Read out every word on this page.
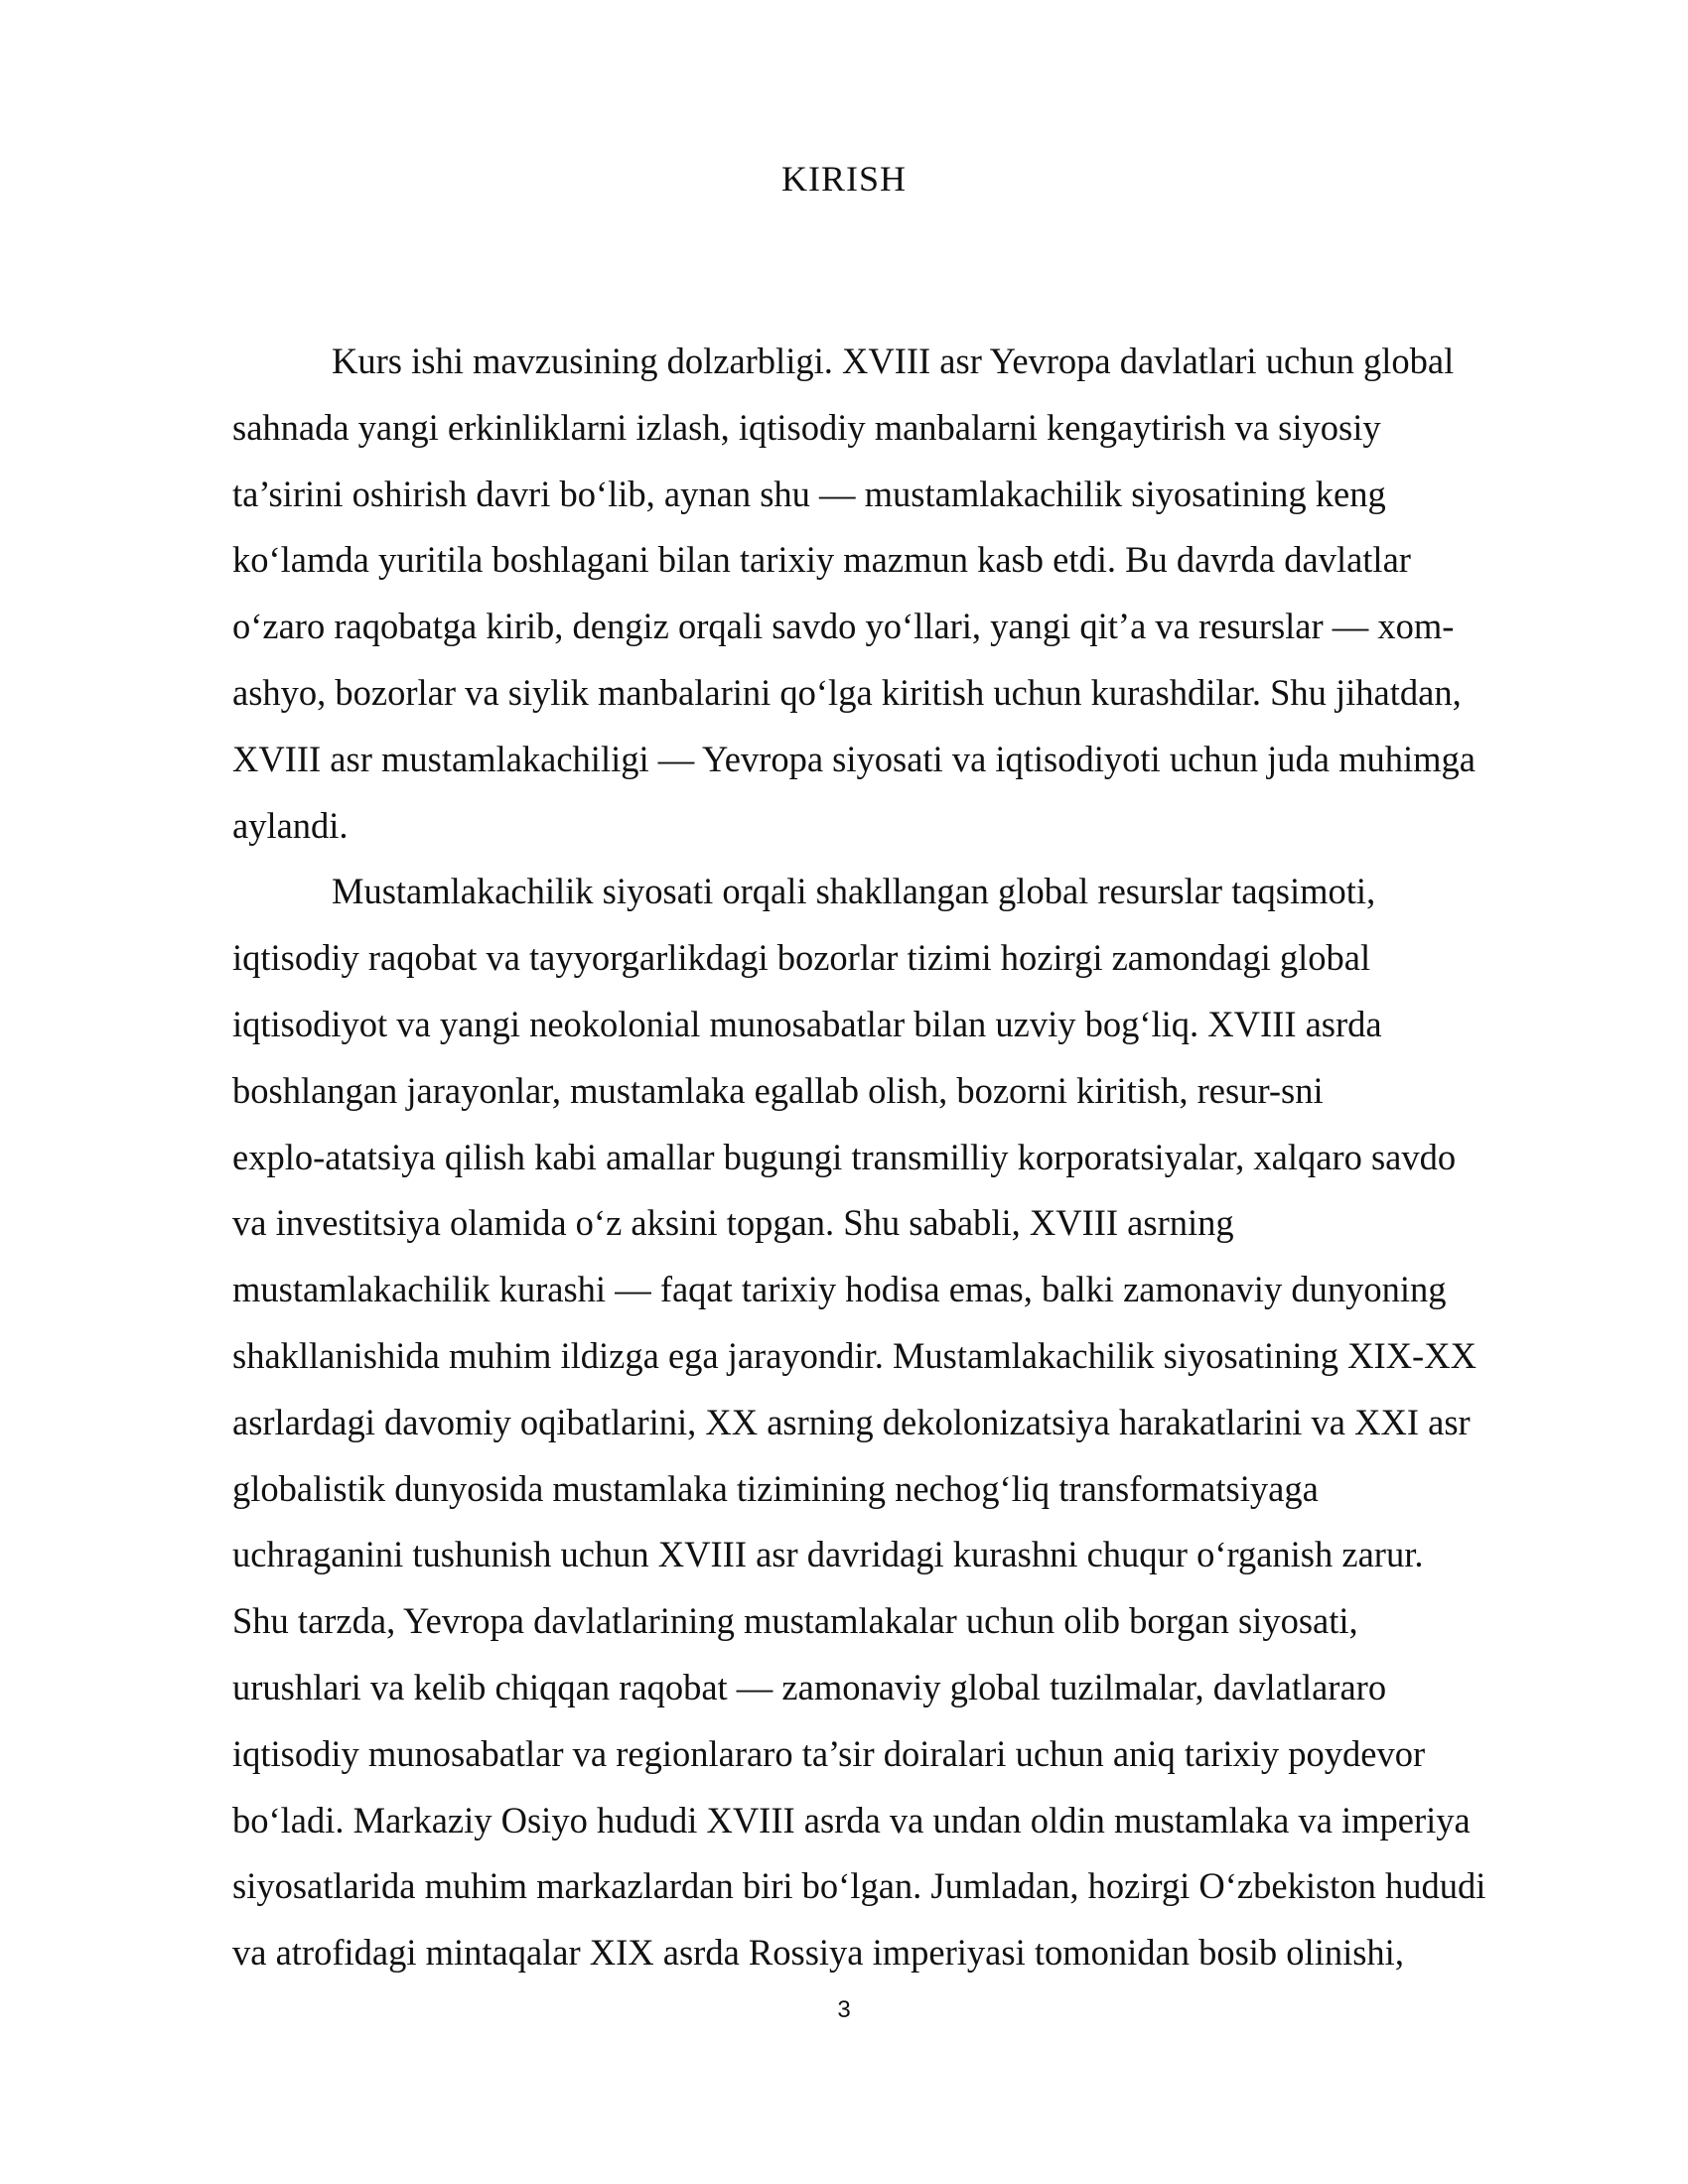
KIRISH
Kurs ishi mavzusining dolzarbligi. XVIII asr Yevropa davlatlari uchun global
sahnada yangi erkinliklarni izlash, iqtisodiy manbalarni kengaytirish va siyosiy
ta’sirini oshirish davri bo‘lib, aynan shu — mustamlakachilik siyosatining keng
ko‘lamda yuritila boshlagani bilan tarixiy mazmun kasb etdi. Bu davrda davlatlar
o‘zaro raqobatga kirib, dengiz orqali savdo yo‘llari, yangi qit’a va resurslar — xom-
ashyo, bozorlar va siylik manbalarini qo‘lga kiritish uchun kurashdilar. Shu jihatdan,
XVIII asr mustamlakachiligi — Yevropa siyosati va iqtisodiyoti uchun juda muhimga
aylandi.
Mustamlakachilik siyosati orqali shakllangan global resurslar taqsimoti,
iqtisodiy raqobat va tayyorgarlikdagi bozorlar tizimi hozirgi zamondagi global
iqtisodiyot va yangi neokolonial munosabatlar bilan uzviy bog‘liq. XVIII asrda
boshlangan jarayonlar, mustamlaka egallab olish, bozorni kiritish, resur-sni
explo-atatsiya qilish kabi amallar bugungi transmilliy korporatsiyalar, xalqaro savdo
va investitsiya olamida o‘z aksini topgan. Shu sababli, XVIII asrning
mustamlakachilik kurashi — faqat tarixiy hodisa emas, balki zamonaviy dunyoning
shakllanishida muhim ildizga ega jarayondir. Mustamlakachilik siyosatining XIX-XX
asrlardagi davomiy oqibatlarini, XX asrning dekolonizatsiya harakatlarini va XXI asr
globalistik dunyosida mustamlaka tizimining nechog‘liq transformatsiyaga
uchraganini tushunish uchun XVIII asr davridagi kurashni chuqur o‘rganish zarur.
Shu tarzda, Yevropa davlatlarining mustamlakalar uchun olib borgan siyosati,
urushlari va kelib chiqqan raqobat — zamonaviy global tuzilmalar, davlatlararo
iqtisodiy munosabatlar va regionlararo ta’sir doiralari uchun aniq tarixiy poydevor
bo‘ladi. Markaziy Osiyo hududi XVIII asrda va undan oldin mustamlaka va imperiya
siyosatlarida muhim markazlardan biri bo‘lgan. Jumladan, hozirgi O‘zbekiston hududi
va atrofidagi mintaqalar XIX asrda Rossiya imperiyasi tomonidan bosib olinishi,
3
